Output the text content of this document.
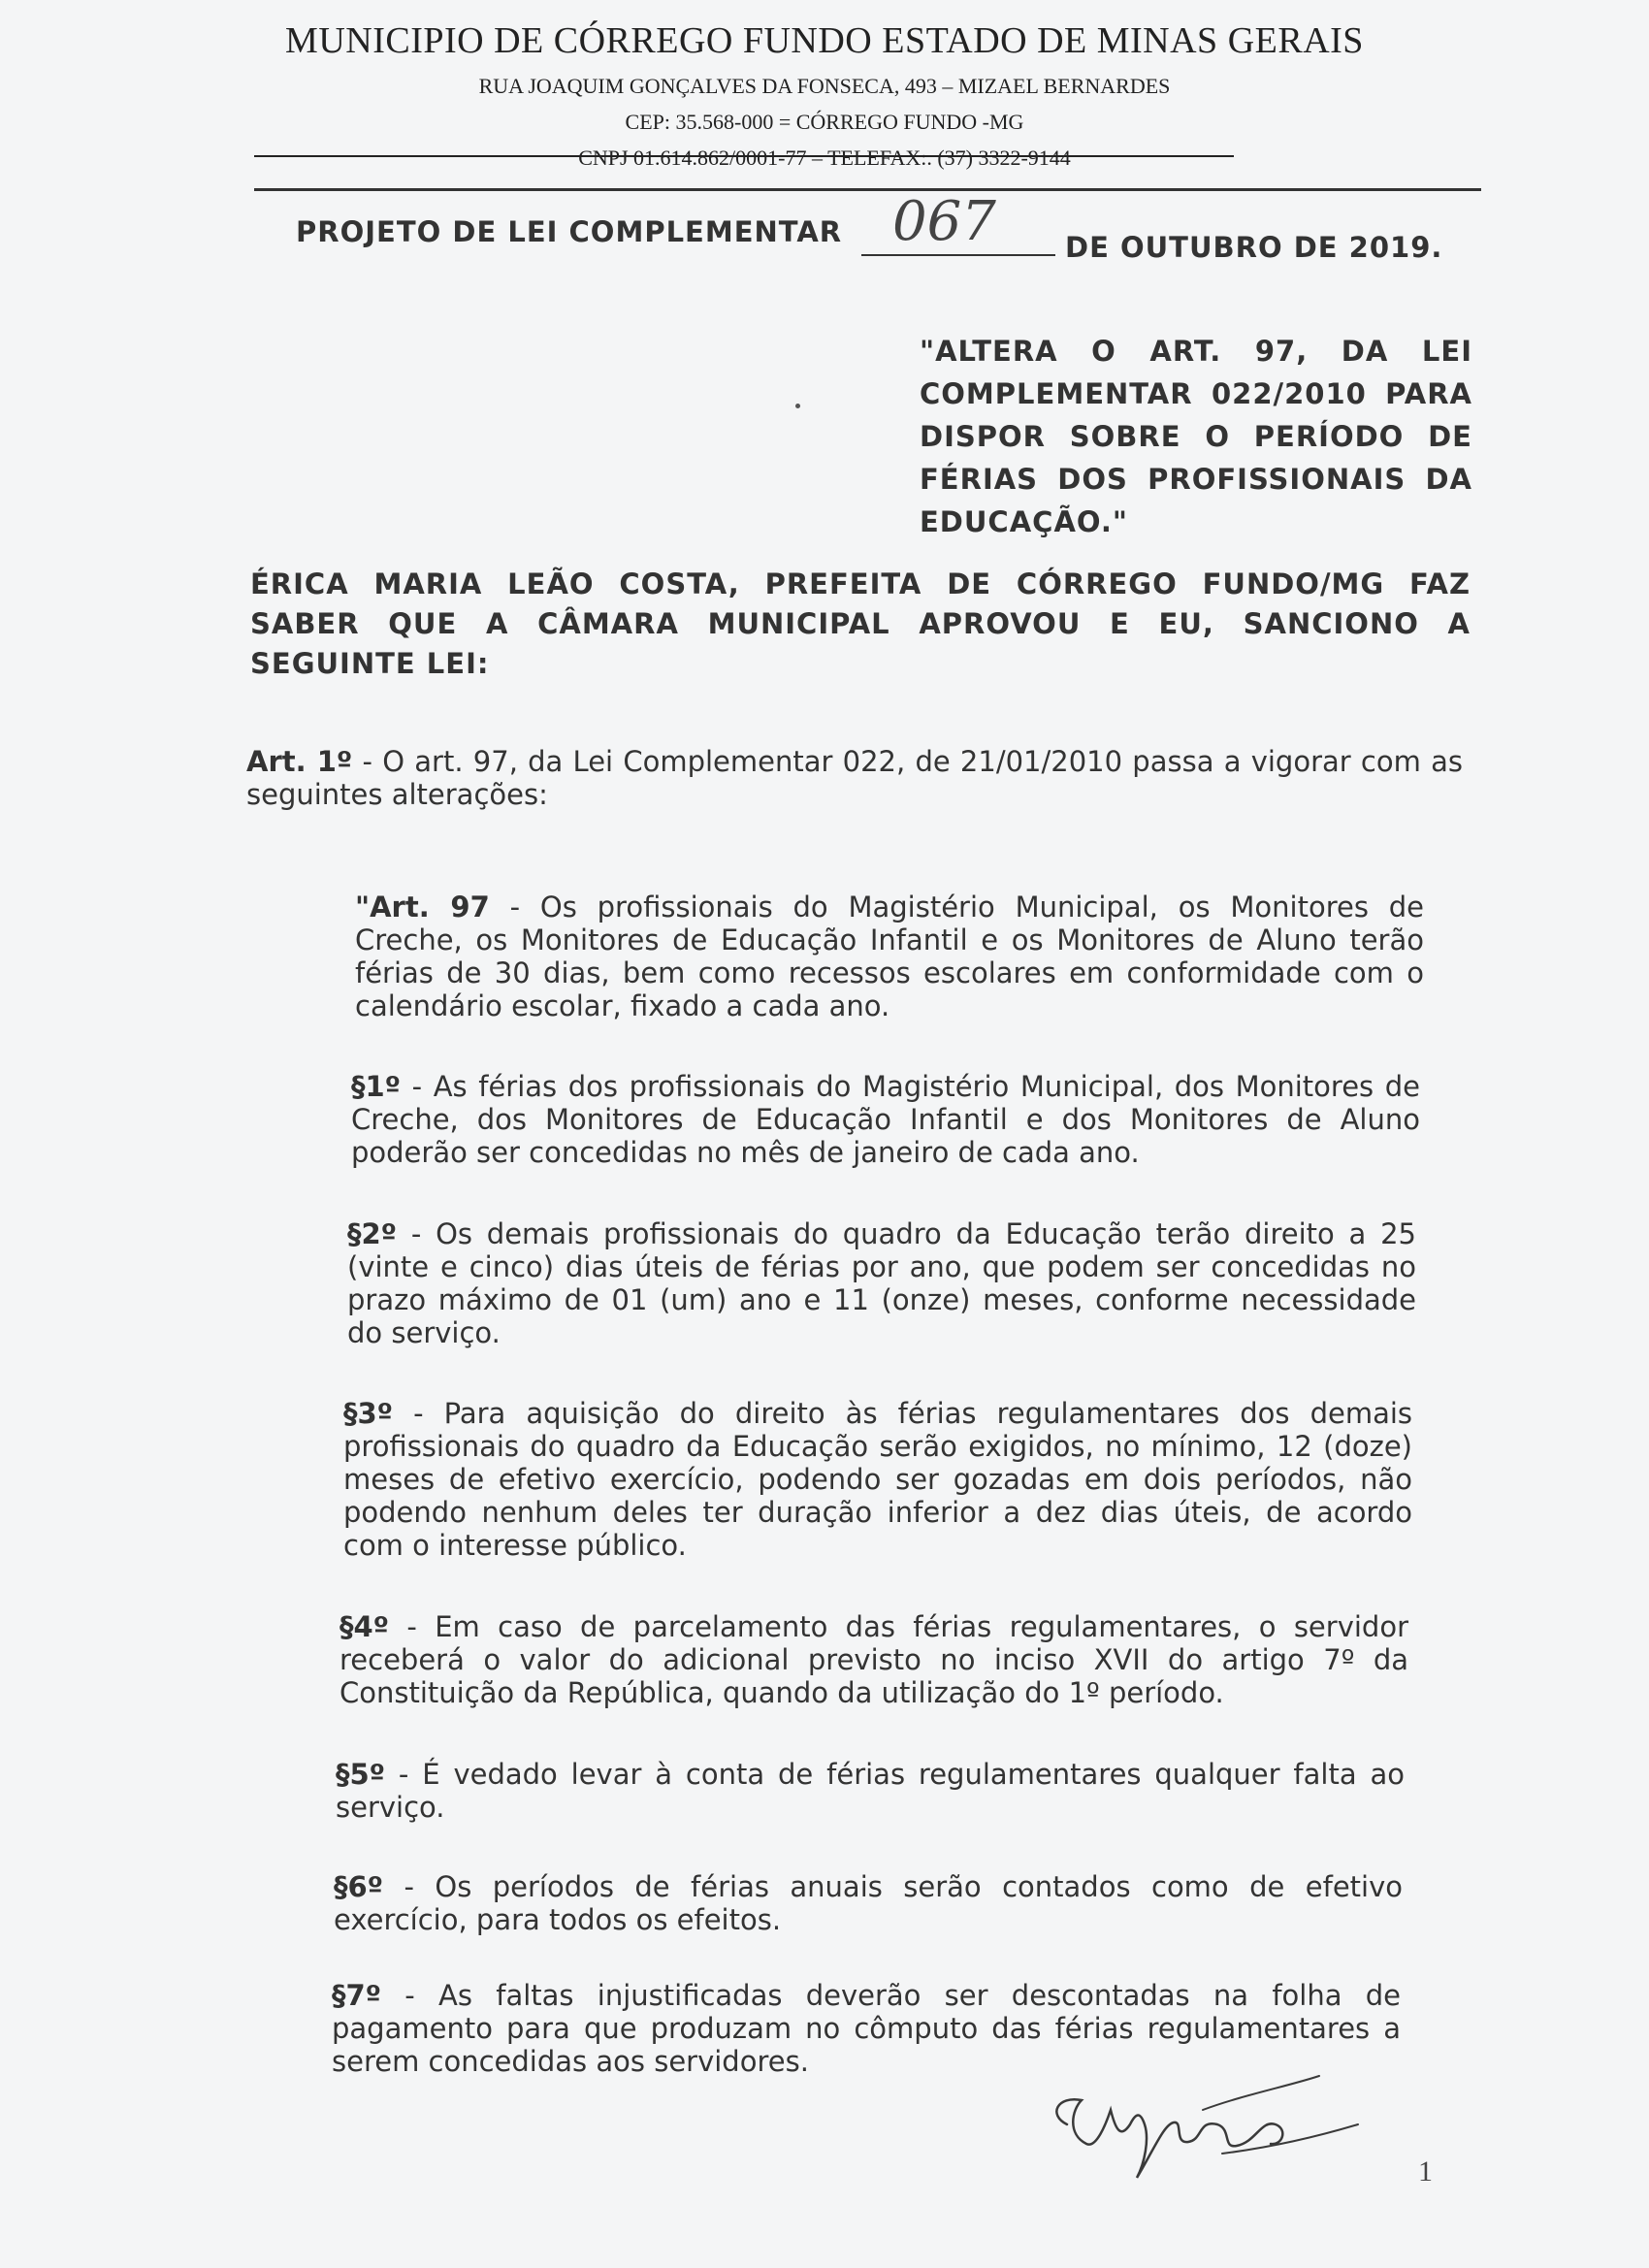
MUNICIPIO DE CÓRREGO FUNDO ESTADO DE MINAS GERAIS
RUA JOAQUIM GONÇALVES DA FONSECA, 493 – MIZAEL BERNARDES
CEP: 35.568-000 = CÓRREGO FUNDO -MG
CNPJ 01.614.862/0001-77 – TELEFAX:. (37) 3322-9144
PROJETO DE LEI COMPLEMENTAR 067 DE OUTUBRO DE 2019.
"ALTERA O ART. 97, DA LEI COMPLEMENTAR 022/2010 PARA DISPOR SOBRE O PERÍODO DE FÉRIAS DOS PROFISSIONAIS DA EDUCAÇÃO."
ÉRICA MARIA LEÃO COSTA, PREFEITA DE CÓRREGO FUNDO/MG FAZ SABER QUE A CÂMARA MUNICIPAL APROVOU E EU, SANCIONO A SEGUINTE LEI:
Art. 1º - O art. 97, da Lei Complementar 022, de 21/01/2010 passa a vigorar com as seguintes alterações:
"Art. 97 - Os profissionais do Magistério Municipal, os Monitores de Creche, os Monitores de Educação Infantil e os Monitores de Aluno terão férias de 30 dias, bem como recessos escolares em conformidade com o calendário escolar, fixado a cada ano.
§1º - As férias dos profissionais do Magistério Municipal, dos Monitores de Creche, dos Monitores de Educação Infantil e dos Monitores de Aluno poderão ser concedidas no mês de janeiro de cada ano.
§2º - Os demais profissionais do quadro da Educação terão direito a 25 (vinte e cinco) dias úteis de férias por ano, que podem ser concedidas no prazo máximo de 01 (um) ano e 11 (onze) meses, conforme necessidade do serviço.
§3º - Para aquisição do direito às férias regulamentares dos demais profissionais do quadro da Educação serão exigidos, no mínimo, 12 (doze) meses de efetivo exercício, podendo ser gozadas em dois períodos, não podendo nenhum deles ter duração inferior a dez dias úteis, de acordo com o interesse público.
§4º - Em caso de parcelamento das férias regulamentares, o servidor receberá o valor do adicional previsto no inciso XVII do artigo 7º da Constituição da República, quando da utilização do 1º período.
§5º - É vedado levar à conta de férias regulamentares qualquer falta ao serviço.
§6º - Os períodos de férias anuais serão contados como de efetivo exercício, para todos os efeitos.
§7º - As faltas injustificadas deverão ser descontadas na folha de pagamento para que produzam no cômputo das férias regulamentares a serem concedidas aos servidores.
1
